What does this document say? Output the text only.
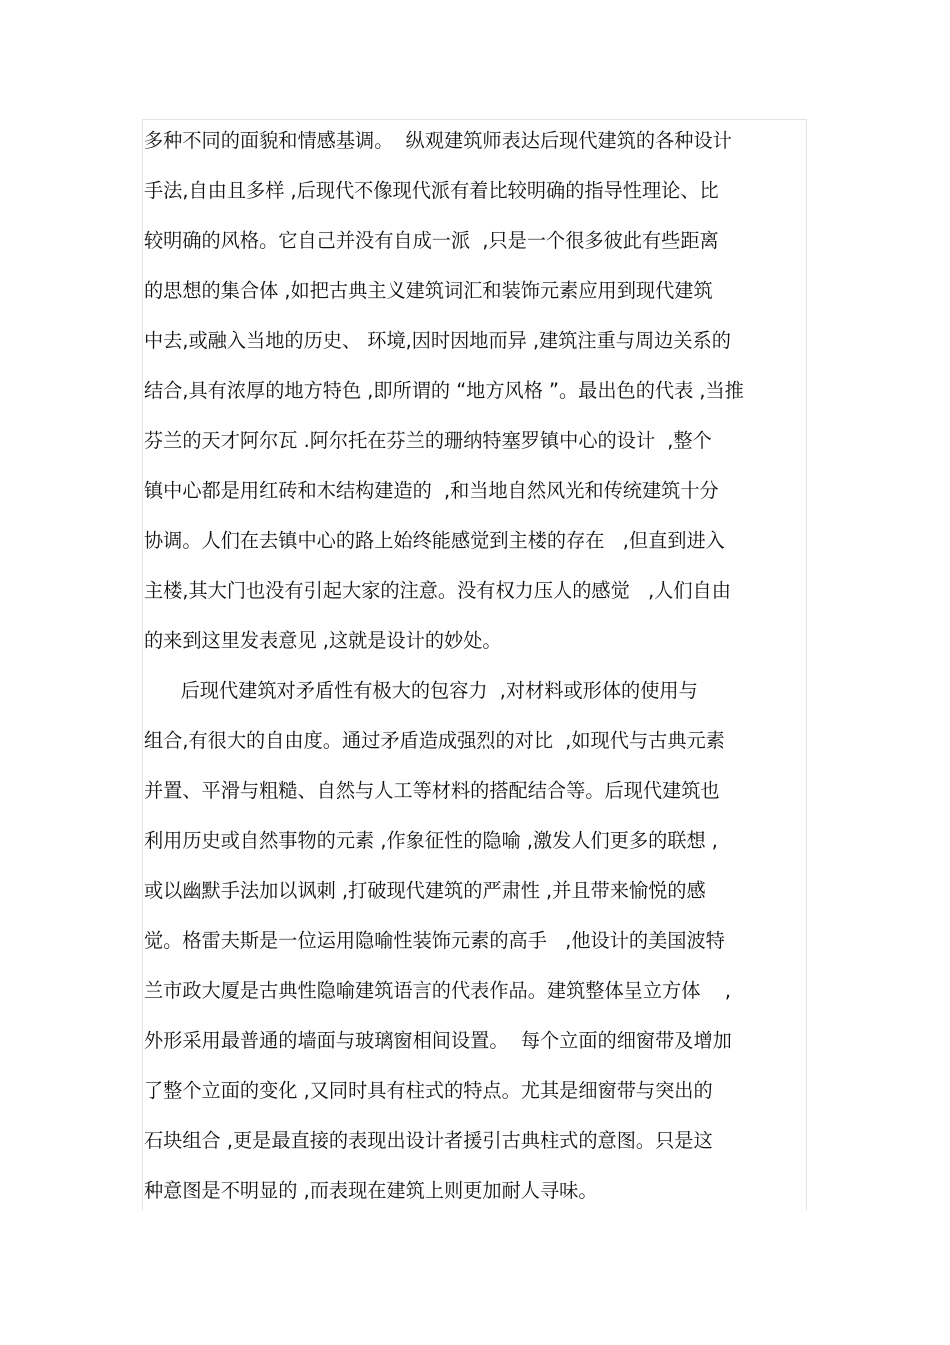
多种不同的面貌和情感基调。  纵观建筑师表达后现代建筑的各种设计
手法,自由且多样 ,后现代不像现代派有着比较明确的指导性理论、比
较明确的风格。它自己并没有自成一派  ,只是一个很多彼此有些距离
的思想的集合体 ,如把古典主义建筑词汇和装饰元素应用到现代建筑
中去,或融入当地的历史、 环境,因时因地而异 ,建筑注重与周边关系的
结合,具有浓厚的地方特色 ,即所谓的 “地方风格 ”。最出色的代表 ,当推
芬兰的天才阿尔瓦 .阿尔托在芬兰的珊纳特塞罗镇中心的设计  ,整个
镇中心都是用红砖和木结构建造的  ,和当地自然风光和传统建筑十分
协调。人们在去镇中心的路上始终能感觉到主楼的存在   ,但直到进入
主楼,其大门也没有引起大家的注意。没有权力压人的感觉   ,人们自由
的来到这里发表意见 ,这就是设计的妙处。
后现代建筑对矛盾性有极大的包容力  ,对材料或形体的使用与
组合,有很大的自由度。通过矛盾造成强烈的对比  ,如现代与古典元素
并置、平滑与粗糙、自然与人工等材料的搭配结合等。后现代建筑也
利用历史或自然事物的元素 ,作象征性的隐喻 ,激发人们更多的联想 ,
或以幽默手法加以讽刺 ,打破现代建筑的严肃性 ,并且带来愉悦的感
觉。格雷夫斯是一位运用隐喻性装饰元素的高手   ,他设计的美国波特
兰市政大厦是古典性隐喻建筑语言的代表作品。建筑整体呈立方体    ,
外形采用最普通的墙面与玻璃窗相间设置。  每个立面的细窗带及增加
了整个立面的变化 ,又同时具有柱式的特点。尤其是细窗带与突出的
石块组合 ,更是最直接的表现出设计者援引古典柱式的意图。只是这
种意图是不明显的 ,而表现在建筑上则更加耐人寻味。
